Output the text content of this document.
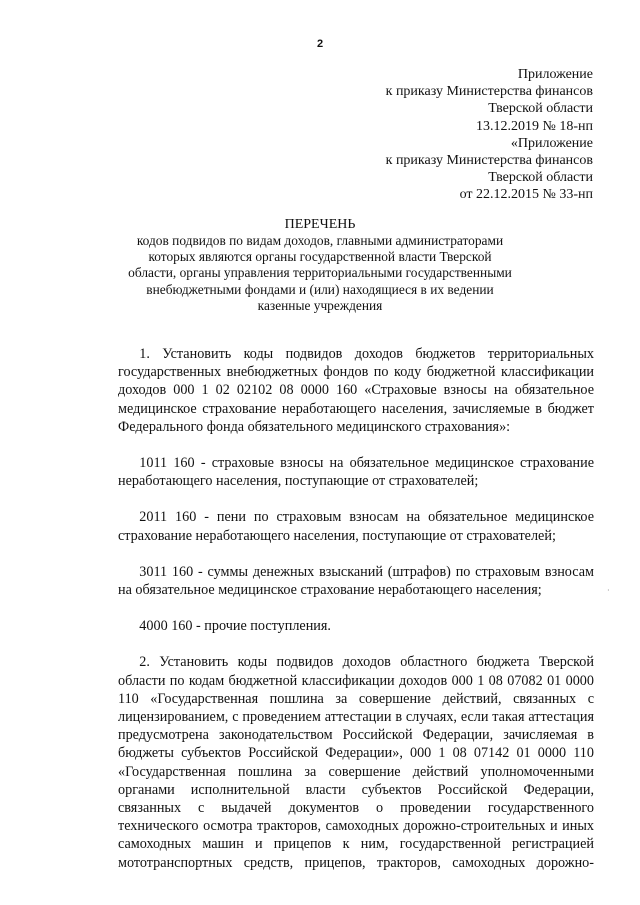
2
Приложение
к приказу Министерства финансов
Тверской области
13.12.2019 № 18-нп
«Приложение
к приказу Министерства финансов
Тверской области
от 22.12.2015 № 33-нп
ПЕРЕЧЕНЬ
кодов подвидов по видам доходов, главными администраторами
которых являются органы государственной власти Тверской
области, органы управления территориальными государственными
внебюджетными фондами и (или) находящиеся в их ведении
казенные учреждения
  1. Установить коды подвидов доходов бюджетов территориальных
государственных внебюджетных фондов по коду бюджетной классификации
доходов 000 1 02 02102 08 0000 160 «Страховые взносы на обязательное
медицинское страхование неработающего населения, зачисляемые в бюджет
Федерального фонда обязательного медицинского страхования»:
  1011 160 - страховые взносы на обязательное медицинское страхование
неработающего населения, поступающие от страхователей;
  2011 160 - пени по страховым взносам на обязательное медицинское
страхование неработающего населения, поступающие от страхователей;
  3011 160 - суммы денежных взысканий (штрафов) по страховым взносам
на обязательное медицинское страхование неработающего населения;
  4000 160 - прочие поступления.
  2. Установить коды подвидов доходов областного бюджета Тверской
области по кодам бюджетной классификации доходов 000 1 08 07082 01 0000
110 «Государственная пошлина за совершение действий, связанных с
лицензированием, с проведением аттестации в случаях, если такая аттестация
предусмотрена законодательством Российской Федерации, зачисляемая в
бюджеты субъектов Российской Федерации», 000 1 08 07142 01 0000 110
«Государственная пошлина за совершение действий уполномоченными
органами исполнительной власти субъектов Российской Федерации,
связанных с выдачей документов о проведении государственного
технического осмотра тракторов, самоходных дорожно-строительных и иных
самоходных машин и прицепов к ним, государственной регистрацией
мототранспортных средств, прицепов, тракторов, самоходных дорожно-
·
